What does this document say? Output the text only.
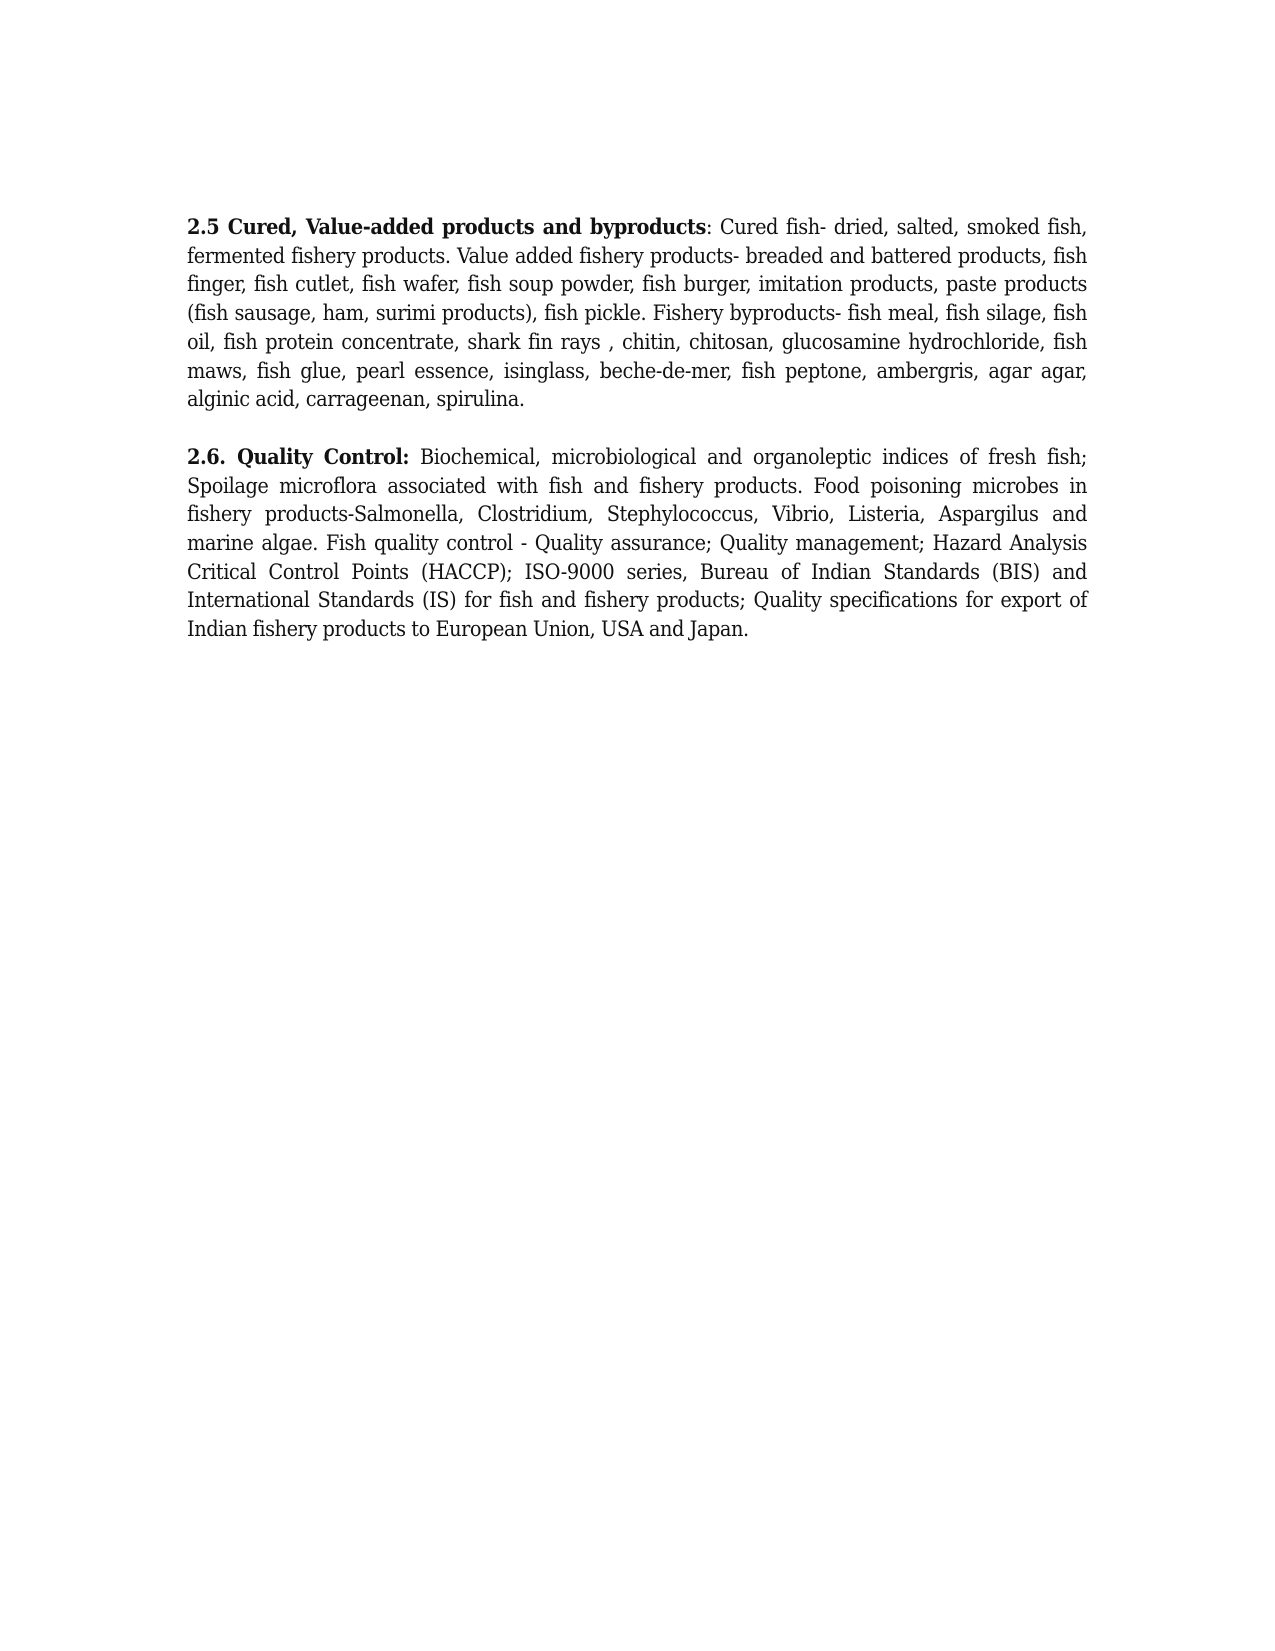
2.5 Cured, Value-added products and byproducts: Cured fish- dried, salted, smoked fish, fermented fishery products. Value added fishery products- breaded and battered products, fish finger, fish cutlet, fish wafer, fish soup powder, fish burger, imitation products, paste products (fish sausage, ham, surimi products), fish pickle. Fishery byproducts- fish meal, fish silage, fish oil, fish protein concentrate, shark fin rays , chitin, chitosan, glucosamine hydrochloride, fish maws, fish glue, pearl essence, isinglass, beche-de-mer, fish peptone, ambergris, agar agar, alginic acid, carrageenan, spirulina.

2.6. Quality Control: Biochemical, microbiological and organoleptic indices of fresh fish; Spoilage microflora associated with fish and fishery products. Food poisoning microbes in fishery products-Salmonella, Clostridium, Stephylococcus, Vibrio, Listeria, Aspargilus and marine algae. Fish quality control - Quality assurance; Quality management; Hazard Analysis Critical Control Points (HACCP); ISO-9000 series, Bureau of Indian Standards (BIS) and International Standards (IS) for fish and fishery products; Quality specifications for export of Indian fishery products to European Union, USA and Japan.
